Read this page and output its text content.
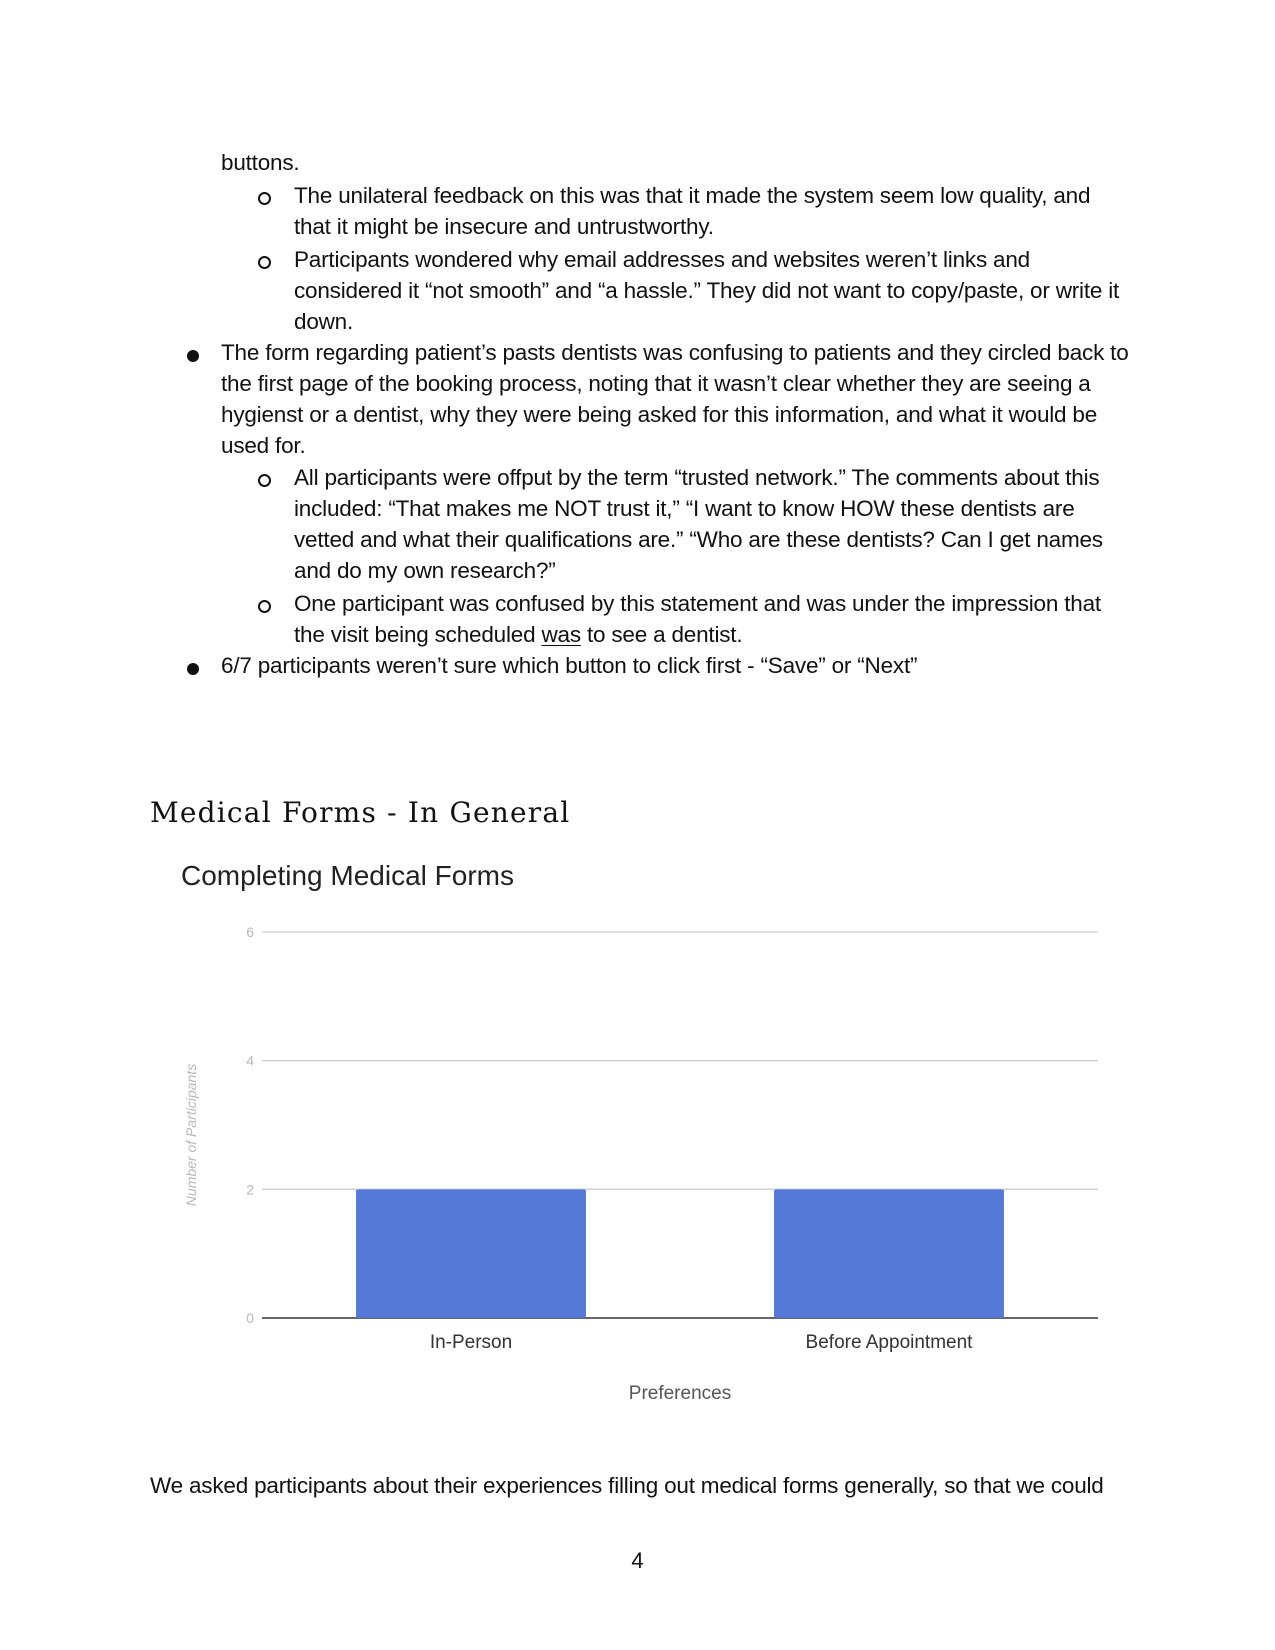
buttons.
The unilateral feedback on this was that it made the system seem low quality, and
that it might be insecure and untrustworthy.
Participants wondered why email addresses and websites weren’t links and
considered it “not smooth” and “a hassle.” They did not want to copy/paste, or write it
down.
The form regarding patient’s pasts dentists was confusing to patients and they circled back to
the first page of the booking process, noting that it wasn’t clear whether they are seeing a
hygienst or a dentist, why they were being asked for this information, and what it would be
used for.
All participants were offput by the term “trusted network.” The comments about this
included: “That makes me NOT trust it,” “I want to know HOW these dentists are
vetted and what their qualifications are.” “Who are these dentists? Can I get names
and do my own research?”
One participant was confused by this statement and was under the impression that
the visit being scheduled was to see a dentist.
6/7 participants weren’t sure which button to click first - “Save” or “Next”
Medical Forms - In General
Completing Medical Forms
0
2
4
6
In-Person	Before Appointment
Number of Participants
Preferences
We asked participants about their experiences filling out medical forms generally, so that we could
4
